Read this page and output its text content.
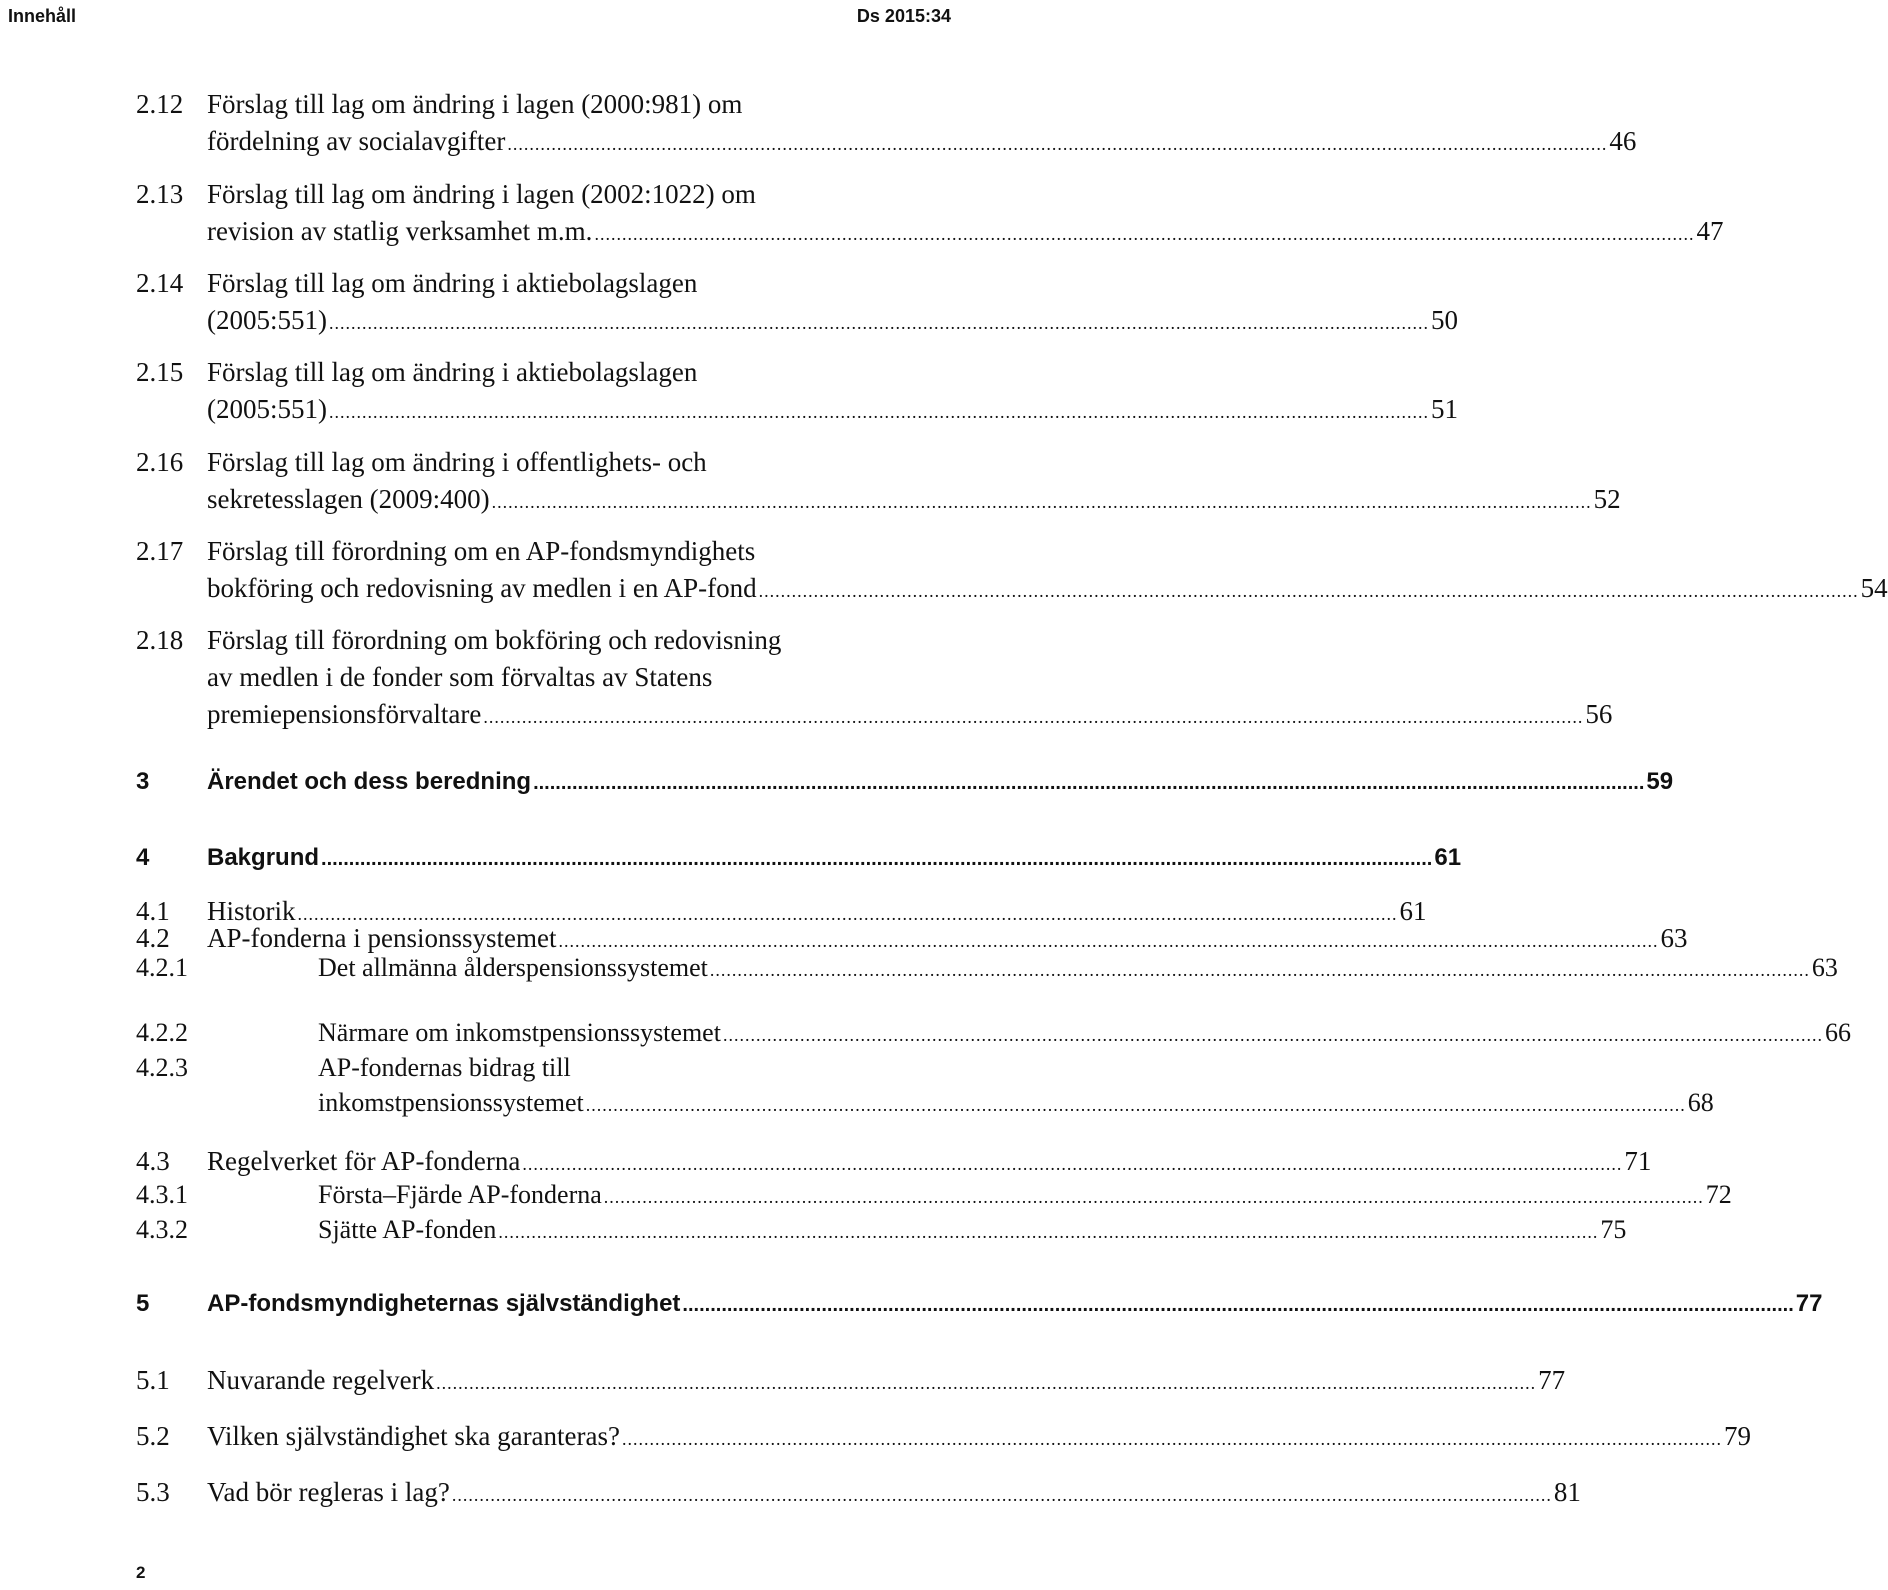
Innehåll	Ds 2015:34
2.12 Förslag till lag om ändring i lagen (2000:981) om
fördelning av socialavgifter ........................................................................................................................................................................................................ 46
2.13 Förslag till lag om ändring i lagen (2002:1022) om
revision av statlig verksamhet m.m. ........................................................................................................................................................................................................ 47
2.14 Förslag till lag om ändring i aktiebolagslagen
(2005:551) ........................................................................................................................................................................................................ 50
2.15 Förslag till lag om ändring i aktiebolagslagen
(2005:551) ........................................................................................................................................................................................................ 51
2.16 Förslag till lag om ändring i offentlighets- och
sekretesslagen (2009:400) ........................................................................................................................................................................................................ 52
2.17 Förslag till förordning om en AP-fondsmyndighets
bokföring och redovisning av medlen i en AP-fond ........................................................................................................................................................................................................ 54
2.18 Förslag till förordning om bokföring och redovisning
av medlen i de fonder som förvaltas av Statens
premiepensionsförvaltare ........................................................................................................................................................................................................ 56
3 Ärendet och dess beredning ........................................................................................................................................................................................................ 59
4 Bakgrund ........................................................................................................................................................................................................ 61
4.1 Historik ........................................................................................................................................................................................................ 61
4.2 AP-fonderna i pensionssystemet ........................................................................................................................................................................................................ 63
4.2.1	Det allmänna ålderspensionssystemet ........................................................................................................................................................................................................ 63
4.2.2	Närmare om inkomstpensionssystemet ........................................................................................................................................................................................................ 66
4.2.3	AP-fondernas bidrag till
inkomstpensionssystemet ........................................................................................................................................................................................................ 68
4.3 Regelverket för AP-fonderna ........................................................................................................................................................................................................ 71
4.3.1	Första–Fjärde AP-fonderna ........................................................................................................................................................................................................ 72
4.3.2	Sjätte AP-fonden ........................................................................................................................................................................................................ 75
5 AP-fondsmyndigheternas självständighet ........................................................................................................................................................................................................ 77
5.1 Nuvarande regelverk ........................................................................................................................................................................................................ 77
5.2 Vilken självständighet ska garanteras? ........................................................................................................................................................................................................ 79
5.3 Vad bör regleras i lag? ........................................................................................................................................................................................................ 81
2
